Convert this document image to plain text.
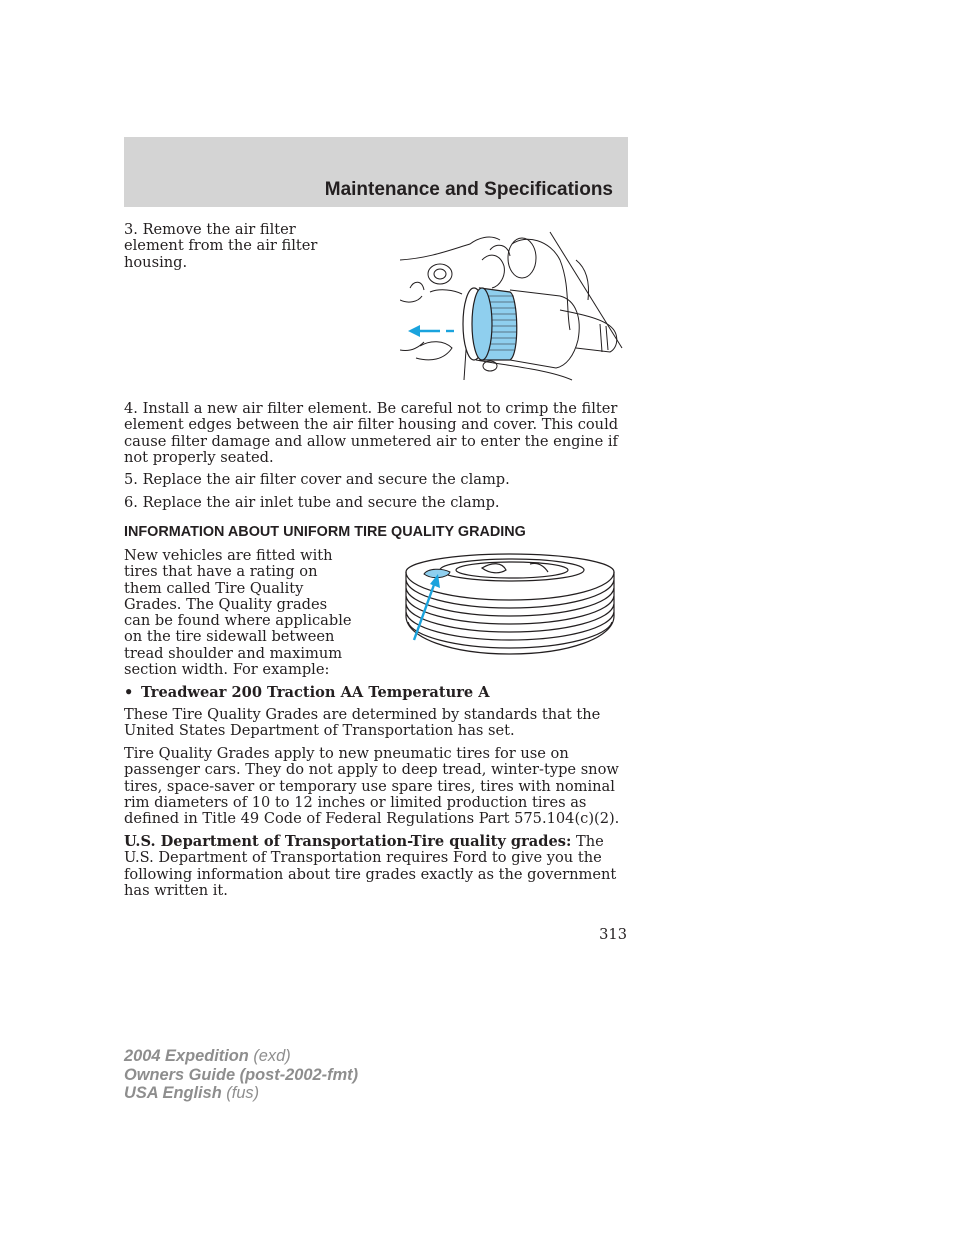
Maintenance and Specifications

3. Remove the air filter element from the air filter housing.

4. Install a new air filter element. Be careful not to crimp the filter element edges between the air filter housing and cover. This could cause filter damage and allow unmetered air to enter the engine if not properly seated.

5. Replace the air filter cover and secure the clamp.

6. Replace the air inlet tube and secure the clamp.

INFORMATION ABOUT UNIFORM TIRE QUALITY GRADING

New vehicles are fitted with tires that have a rating on them called Tire Quality Grades. The Quality grades can be found where applicable on the tire sidewall between tread shoulder and maximum section width. For example:

• Treadwear 200 Traction AA Temperature A

These Tire Quality Grades are determined by standards that the United States Department of Transportation has set.

Tire Quality Grades apply to new pneumatic tires for use on passenger cars. They do not apply to deep tread, winter-type snow tires, space-saver or temporary use spare tires, tires with nominal rim diameters of 10 to 12 inches or limited production tires as defined in Title 49 Code of Federal Regulations Part 575.104(c)(2).

U.S. Department of Transportation-Tire quality grades: The U.S. Department of Transportation requires Ford to give you the following information about tire grades exactly as the government has written it.

313
2004 Expedition (exd)
Owners Guide (post-2002-fmt)
USA English (fus)
